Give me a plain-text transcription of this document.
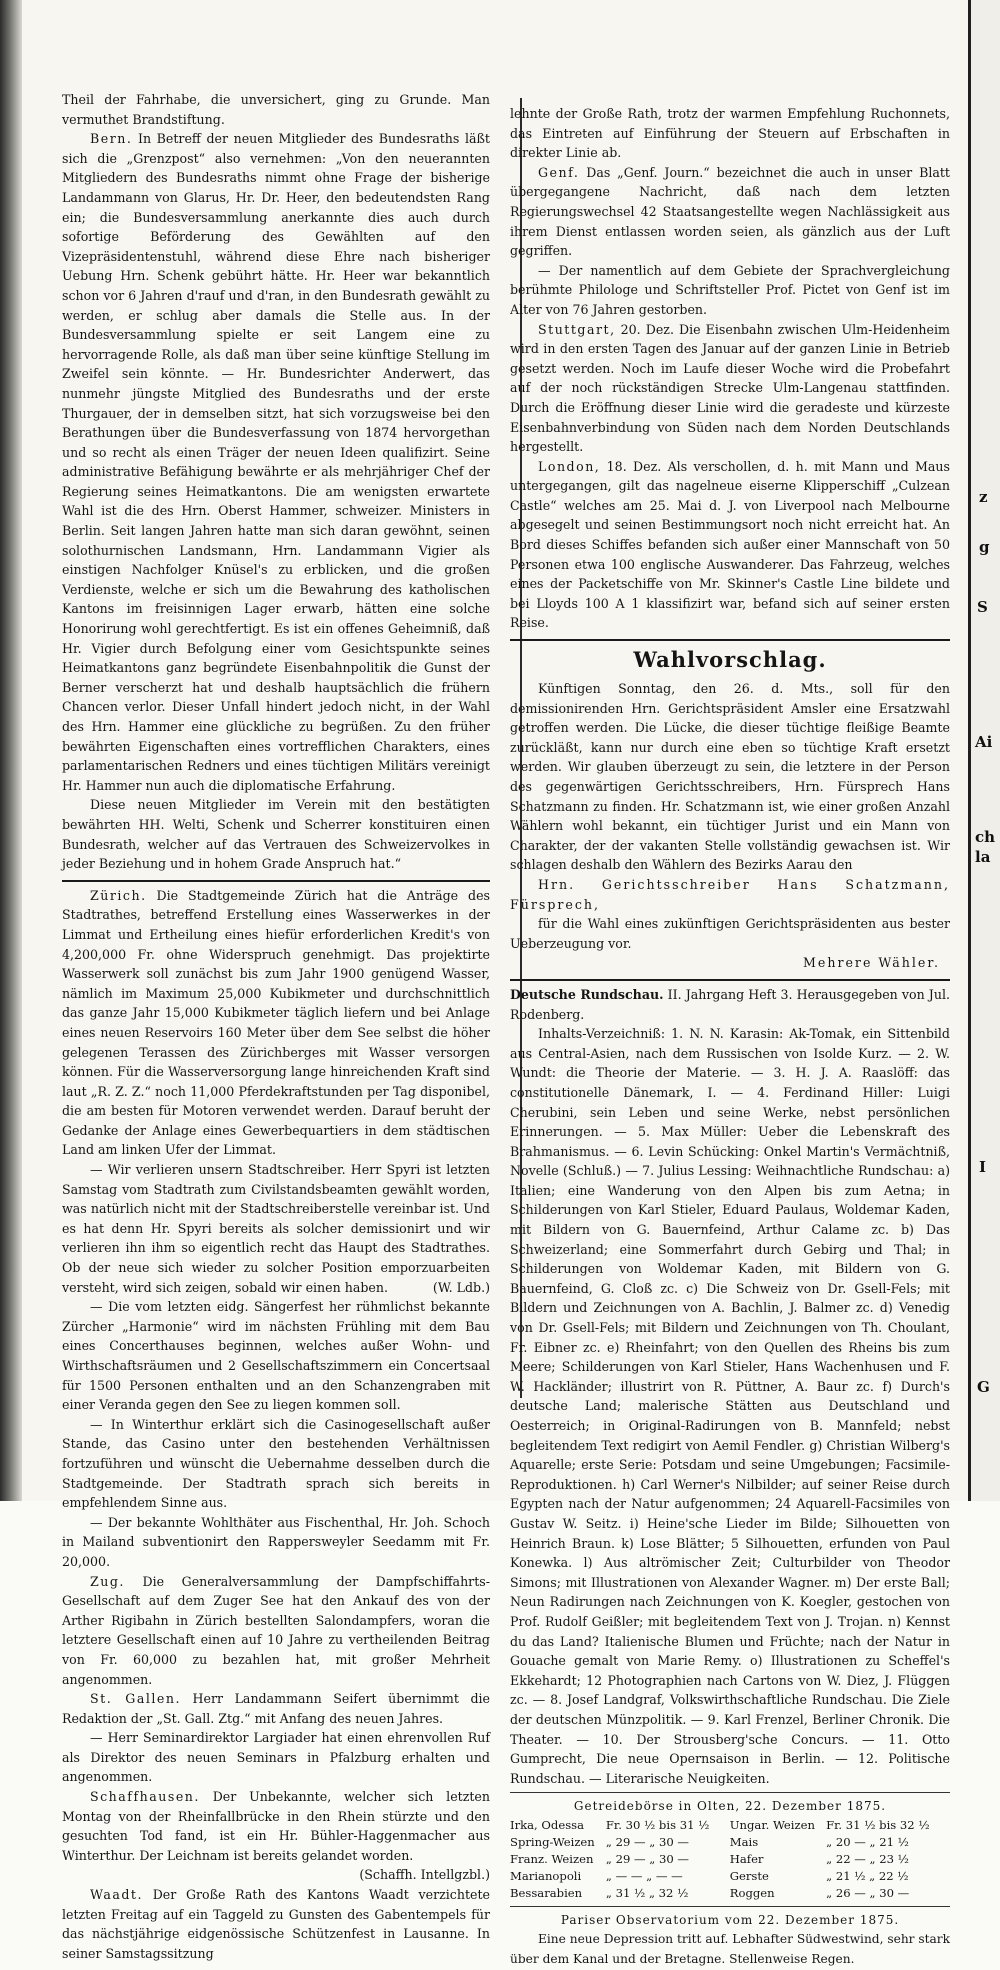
Theil der Fahrhabe, die unversichert, ging zu Grunde. Man vermuthet Brandstiftung.

Bern. In Betreff der neuen Mitglieder des Bundesraths läßt sich die „Grenzpost“ also vernehmen: „Von den neuerannten Mitgliedern des Bundesraths nimmt ohne Frage der bisherige Landammann von Glarus, Hr. Dr. Heer, den bedeutendsten Rang ein; die Bundesversammlung anerkannte dies auch durch sofortige Beförderung des Gewählten auf den Vizepräsidentenstuhl, während diese Ehre nach bisheriger Uebung Hrn. Schenk gebührt hätte. Hr. Heer war bekanntlich schon vor 6 Jahren d'rauf und d'ran, in den Bundesrath gewählt zu werden, er schlug aber damals die Stelle aus. In der Bundesversammlung spielte er seit Langem eine zu hervorragende Rolle, als daß man über seine künftige Stellung im Zweifel sein könnte. — Hr. Bundesrichter Anderwert, das nunmehr jüngste Mitglied des Bundesraths und der erste Thurgauer, der in demselben sitzt, hat sich vorzugsweise bei den Berathungen über die Bundesverfassung von 1874 hervorgethan und so recht als einen Träger der neuen Ideen qualifizirt. Seine administrative Befähigung bewährte er als mehrjähriger Chef der Regierung seines Heimatkantons. Die am wenigsten erwartete Wahl ist die des Hrn. Oberst Hammer, schweizer. Ministers in Berlin. Seit langen Jahren hatte man sich daran gewöhnt, seinen solothurnischen Landsmann, Hrn. Landammann Vigier als einstigen Nachfolger Knüsel's zu erblicken, und die großen Verdienste, welche er sich um die Bewahrung des katholischen Kantons im freisinnigen Lager erwarb, hätten eine solche Honorirung wohl gerechtfertigt. Es ist ein offenes Geheimniß, daß Hr. Vigier durch Befolgung einer vom Gesichtspunkte seines Heimatkantons ganz begründete Eisenbahnpolitik die Gunst der Berner verscherzt hat und deshalb hauptsächlich die frühern Chancen verlor. Dieser Unfall hindert jedoch nicht, in der Wahl des Hrn. Hammer eine glückliche zu begrüßen. Zu den früher bewährten Eigenschaften eines vortrefflichen Charakters, eines parlamentarischen Redners und eines tüchtigen Militärs vereinigt Hr. Hammer nun auch die diplomatische Erfahrung.

Diese neuen Mitglieder im Verein mit den bestätigten bewährten HH. Welti, Schenk und Scherrer konstituiren einen Bundesrath, welcher auf das Vertrauen des Schweizervolkes in jeder Beziehung und in hohem Grade Anspruch hat.“

Zürich. Die Stadtgemeinde Zürich hat die Anträge des Stadtrathes, betreffend Erstellung eines Wasserwerkes in der Limmat und Ertheilung eines hiefür erforderlichen Kredit's von 4,200,000 Fr. ohne Widerspruch genehmigt. Das projektirte Wasserwerk soll zunächst bis zum Jahr 1900 genügend Wasser, nämlich im Maximum 25,000 Kubikmeter und durchschnittlich das ganze Jahr 15,000 Kubikmeter täglich liefern und bei Anlage eines neuen Reservoirs 160 Meter über dem See selbst die höher gelegenen Terassen des Zürichberges mit Wasser versorgen können. Für die Wasserversorgung lange hinreichenden Kraft sind laut „R. Z. Z.“ noch 11,000 Pferdekraftstunden per Tag disponibel, die am besten für Motoren verwendet werden. Darauf beruht der Gedanke der Anlage eines Gewerbequartiers in dem städtischen Land am linken Ufer der Limmat.

— Wir verlieren unsern Stadtschreiber. Herr Spyri ist letzten Samstag vom Stadtrath zum Civilstandsbeamten gewählt worden, was natürlich nicht mit der Stadtschreiberstelle vereinbar ist. Und es hat denn Hr. Spyri bereits als solcher demissionirt und wir verlieren ihn ihm so eigentlich recht das Haupt des Stadtrathes. Ob der neue sich wieder zu solcher Position emporzuarbeiten versteht, wird sich zeigen, sobald wir einen haben.	(W. Ldb.)

— Die vom letzten eidg. Sängerfest her rühmlichst bekannte Zürcher „Harmonie“ wird im nächsten Frühling mit dem Bau eines Concerthauses beginnen, welches außer Wohn- und Wirthschaftsräumen und 2 Gesellschaftszimmern ein Concertsaal für 1500 Personen enthalten und an den Schanzengraben mit einer Veranda gegen den See zu liegen kommen soll.

— In Winterthur erklärt sich die Casinogesellschaft außer Stande, das Casino unter den bestehenden Verhältnissen fortzuführen und wünscht die Uebernahme desselben durch die Stadtgemeinde. Der Stadtrath sprach sich bereits in empfehlendem Sinne aus.

— Der bekannte Wohlthäter aus Fischenthal, Hr. Joh. Schoch in Mailand subventionirt den Rappersweyler Seedamm mit Fr. 20,000.

Zug. Die Generalversammlung der Dampfschiffahrts-Gesellschaft auf dem Zuger See hat den Ankauf des von der Arther Rigibahn in Zürich bestellten Salondampfers, woran die letztere Gesellschaft einen auf 10 Jahre zu vertheilenden Beitrag von Fr. 60,000 zu bezahlen hat, mit großer Mehrheit angenommen.

St. Gallen. Herr Landammann Seifert übernimmt die Redaktion der „St. Gall. Ztg.“ mit Anfang des neuen Jahres.

— Herr Seminardirektor Largiader hat einen ehrenvollen Ruf als Direktor des neuen Seminars in Pfalzburg erhalten und angenommen.

Schaffhausen. Der Unbekannte, welcher sich letzten Montag von der Rheinfallbrücke in den Rhein stürzte und den gesuchten Tod fand, ist ein Hr. Bühler-Haggenmacher aus Winterthur. Der Leichnam ist bereits gelandet worden.
(Schaffh. Intellgzbl.)

Waadt. Der Große Rath des Kantons Waadt verzichtete letzten Freitag auf ein Taggeld zu Gunsten des Gabentempels für das nächstjährige eidgenössische Schützenfest in Lausanne. In seiner Samstagssitzung

lehnte der Große Rath, trotz der warmen Empfehlung Ruchonnets, das Eintreten auf Einführung der Steuern auf Erbschaften in direkter Linie ab.

Genf. Das „Genf. Journ.“ bezeichnet die auch in unser Blatt übergegangene Nachricht, daß nach dem letzten Regierungswechsel 42 Staatsangestellte wegen Nachlässigkeit aus ihrem Dienst entlassen worden seien, als gänzlich aus der Luft gegriffen.

— Der namentlich auf dem Gebiete der Sprachvergleichung berühmte Philologe und Schriftsteller Prof. Pictet von Genf ist im Alter von 76 Jahren gestorben.

Stuttgart, 20. Dez. Die Eisenbahn zwischen Ulm-Heidenheim wird in den ersten Tagen des Januar auf der ganzen Linie in Betrieb gesetzt werden. Noch im Laufe dieser Woche wird die Probefahrt auf der noch rückständigen Strecke Ulm-Langenau stattfinden. Durch die Eröffnung dieser Linie wird die geradeste und kürzeste Eisenbahnverbindung von Süden nach dem Norden Deutschlands hergestellt.

London, 18. Dez. Als verschollen, d. h. mit Mann und Maus untergegangen, gilt das nagelneue eiserne Klipperschiff „Culzean Castle“ welches am 25. Mai d. J. von Liverpool nach Melbourne abgesegelt und seinen Bestimmungsort noch nicht erreicht hat. An Bord dieses Schiffes befanden sich außer einer Mannschaft von 50 Personen etwa 100 englische Auswanderer. Das Fahrzeug, welches eines der Packetschiffe von Mr. Skinner's Castle Line bildete und bei Lloyds 100 A 1 klassifizirt war, befand sich auf seiner ersten Reise.

Wahlvorschlag.

Künftigen Sonntag, den 26. d. Mts., soll für den demissionirenden Hrn. Gerichtspräsident Amsler eine Ersatzwahl getroffen werden. Die Lücke, die dieser tüchtige fleißige Beamte zurückläßt, kann nur durch eine eben so tüchtige Kraft ersetzt werden. Wir glauben überzeugt zu sein, die letztere in der Person des gegenwärtigen Gerichtsschreibers, Hrn. Fürsprech Hans Schatzmann zu finden. Hr. Schatzmann ist, wie einer großen Anzahl Wählern wohl bekannt, ein tüchtiger Jurist und ein Mann von Charakter, der der vakanten Stelle vollständig gewachsen ist. Wir schlagen deshalb den Wählern des Bezirks Aarau den

Hrn. Gerichtsschreiber Hans Schatzmann, Fürsprech,

für die Wahl eines zukünftigen Gerichtspräsidenten aus bester Ueberzeugung vor.

Mehrere Wähler.

Deutsche Rundschau. II. Jahrgang Heft 3. Herausgegeben von Jul. Rodenberg.

Inhalts-Verzeichniß: 1. N. N. Karasin: Ak-Tomak, ein Sittenbild aus Central-Asien, nach dem Russischen von Isolde Kurz. — 2. W. Wundt: die Theorie der Materie. — 3. H. J. A. Raaslöff: das constitutionelle Dänemark, I. — 4. Ferdinand Hiller: Luigi Cherubini, sein Leben und seine Werke, nebst persönlichen Erinnerungen. — 5. Max Müller: Ueber die Lebenskraft des Brahmanismus. — 6. Levin Schücking: Onkel Martin's Vermächtniß, Novelle (Schluß.) — 7. Julius Lessing: Weihnachtliche Rundschau: a) Italien; eine Wanderung von den Alpen bis zum Aetna; in Schilderungen von Karl Stieler, Eduard Paulaus, Woldemar Kaden, mit Bildern von G. Bauernfeind, Arthur Calame zc. b) Das Schweizerland; eine Sommerfahrt durch Gebirg und Thal; in Schilderungen von Woldemar Kaden, mit Bildern von G. Bauernfeind, G. Cloß zc. c) Die Schweiz von Dr. Gsell-Fels; mit Bildern und Zeichnungen von A. Bachlin, J. Balmer zc. d) Venedig von Dr. Gsell-Fels; mit Bildern und Zeichnungen von Th. Choulant, Fr. Eibner zc. e) Rheinfahrt; von den Quellen des Rheins bis zum Meere; Schilderungen von Karl Stieler, Hans Wachenhusen und F. W. Hackländer; illustrirt von R. Püttner, A. Baur zc. f) Durch's deutsche Land; malerische Stätten aus Deutschland und Oesterreich; in Original-Radirungen von B. Mannfeld; nebst begleitendem Text redigirt von Aemil Fendler. g) Christian Wilberg's Aquarelle; erste Serie: Potsdam und seine Umgebungen; Facsimile-Reproduktionen. h) Carl Werner's Nilbilder; auf seiner Reise durch Egypten nach der Natur aufgenommen; 24 Aquarell-Facsimiles von Gustav W. Seitz. i) Heine'sche Lieder im Bilde; Silhouetten von Heinrich Braun. k) Lose Blätter; 5 Silhouetten, erfunden von Paul Konewka. l) Aus altrömischer Zeit; Culturbilder von Theodor Simons; mit Illustrationen von Alexander Wagner. m) Der erste Ball; Neun Radirungen nach Zeichnungen von K. Koegler, gestochen von Prof. Rudolf Geißler; mit begleitendem Text von J. Trojan. n) Kennst du das Land? Italienische Blumen und Früchte; nach der Natur in Gouache gemalt von Marie Remy. o) Illustrationen zu Scheffel's Ekkehardt; 12 Photographien nach Cartons von W. Diez, J. Flüggen zc. — 8. Josef Landgraf, Volkswirthschaftliche Rundschau. Die Ziele der deutschen Münzpolitik. — 9. Karl Frenzel, Berliner Chronik. Die Theater. — 10. Der Strousberg'sche Concurs. — 11. Otto Gumprecht, Die neue Opernsaison in Berlin. — 12. Politische Rundschau. — Literarische Neuigkeiten.

Getreidebörse in Olten, 22. Dezember 1875.
Irka, Odessa	Fr. 30 ½ bis 31 ½	Ungar. Weizen	Fr. 31 ½ bis 32 ½
Spring-Weizen	„ 29 — „ 30 —	Mais	„ 20 — „ 21 ½
Franz. Weizen	„ 29 — „ 30 —	Hafer	„ 22 — „ 23 ½
Marianopoli	„ — — „ — —	Gerste	„ 21 ½ „ 22 ½
Bessarabien	„ 31 ½ „ 32 ½	Roggen	„ 26 — „ 30 —
Pariser Observatorium vom 22. Dezember 1875.

Eine neue Depression tritt auf. Lebhafter Südwestwind, sehr stark über dem Kanal und der Bretagne. Stellenweise Regen.

z
g
S
Ai
ch
la
I
G
